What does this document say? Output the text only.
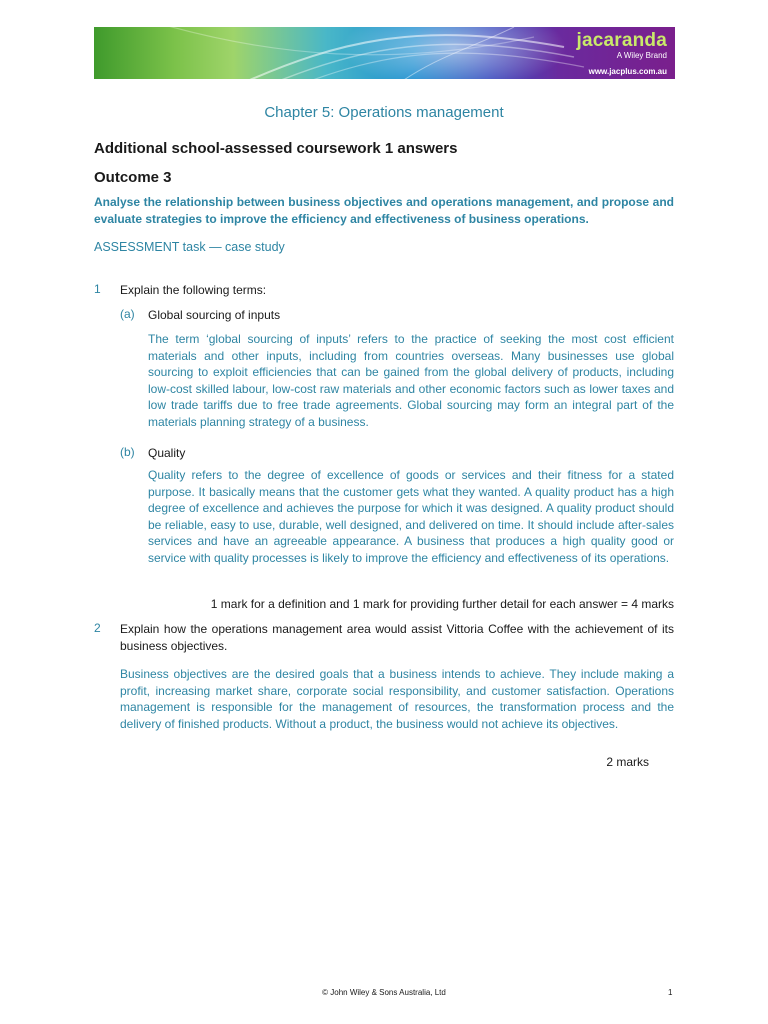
jacaranda
A Wiley Brand
www.jacplus.com.au
Chapter 5: Operations management
Additional school-assessed coursework 1 answers
Outcome 3
Analyse the relationship between business objectives and operations management, and propose and evaluate strategies to improve the efficiency and effectiveness of business operations.
ASSESSMENT task — case study
1 Explain the following terms:
(a) Global sourcing of inputs
The term ‘global sourcing of inputs’ refers to the practice of seeking the most cost efficient materials and other inputs, including from countries overseas. Many businesses use global sourcing to exploit efficiencies that can be gained from the global delivery of products, including low-cost skilled labour, low-cost raw materials and other economic factors such as lower taxes and low trade tariffs due to free trade agreements. Global sourcing may form an integral part of the materials planning strategy of a business.
(b) Quality
Quality refers to the degree of excellence of goods or services and their fitness for a stated purpose. It basically means that the customer gets what they wanted. A quality product has a high degree of excellence and achieves the purpose for which it was designed. A quality product should be reliable, easy to use, durable, well designed, and delivered on time. It should include after-sales services and have an agreeable appearance. A business that produces a high quality good or service with quality processes is likely to improve the efficiency and effectiveness of its operations.
1 mark for a definition and 1 mark for providing further detail for each answer = 4 marks
2 Explain how the operations management area would assist Vittoria Coffee with the achievement of its business objectives.
Business objectives are the desired goals that a business intends to achieve. They include making a profit, increasing market share, corporate social responsibility, and customer satisfaction. Operations management is responsible for the management of resources, the transformation process and the delivery of finished products. Without a product, the business would not achieve its objectives.
2 marks
© John Wiley & Sons Australia, Ltd	1
